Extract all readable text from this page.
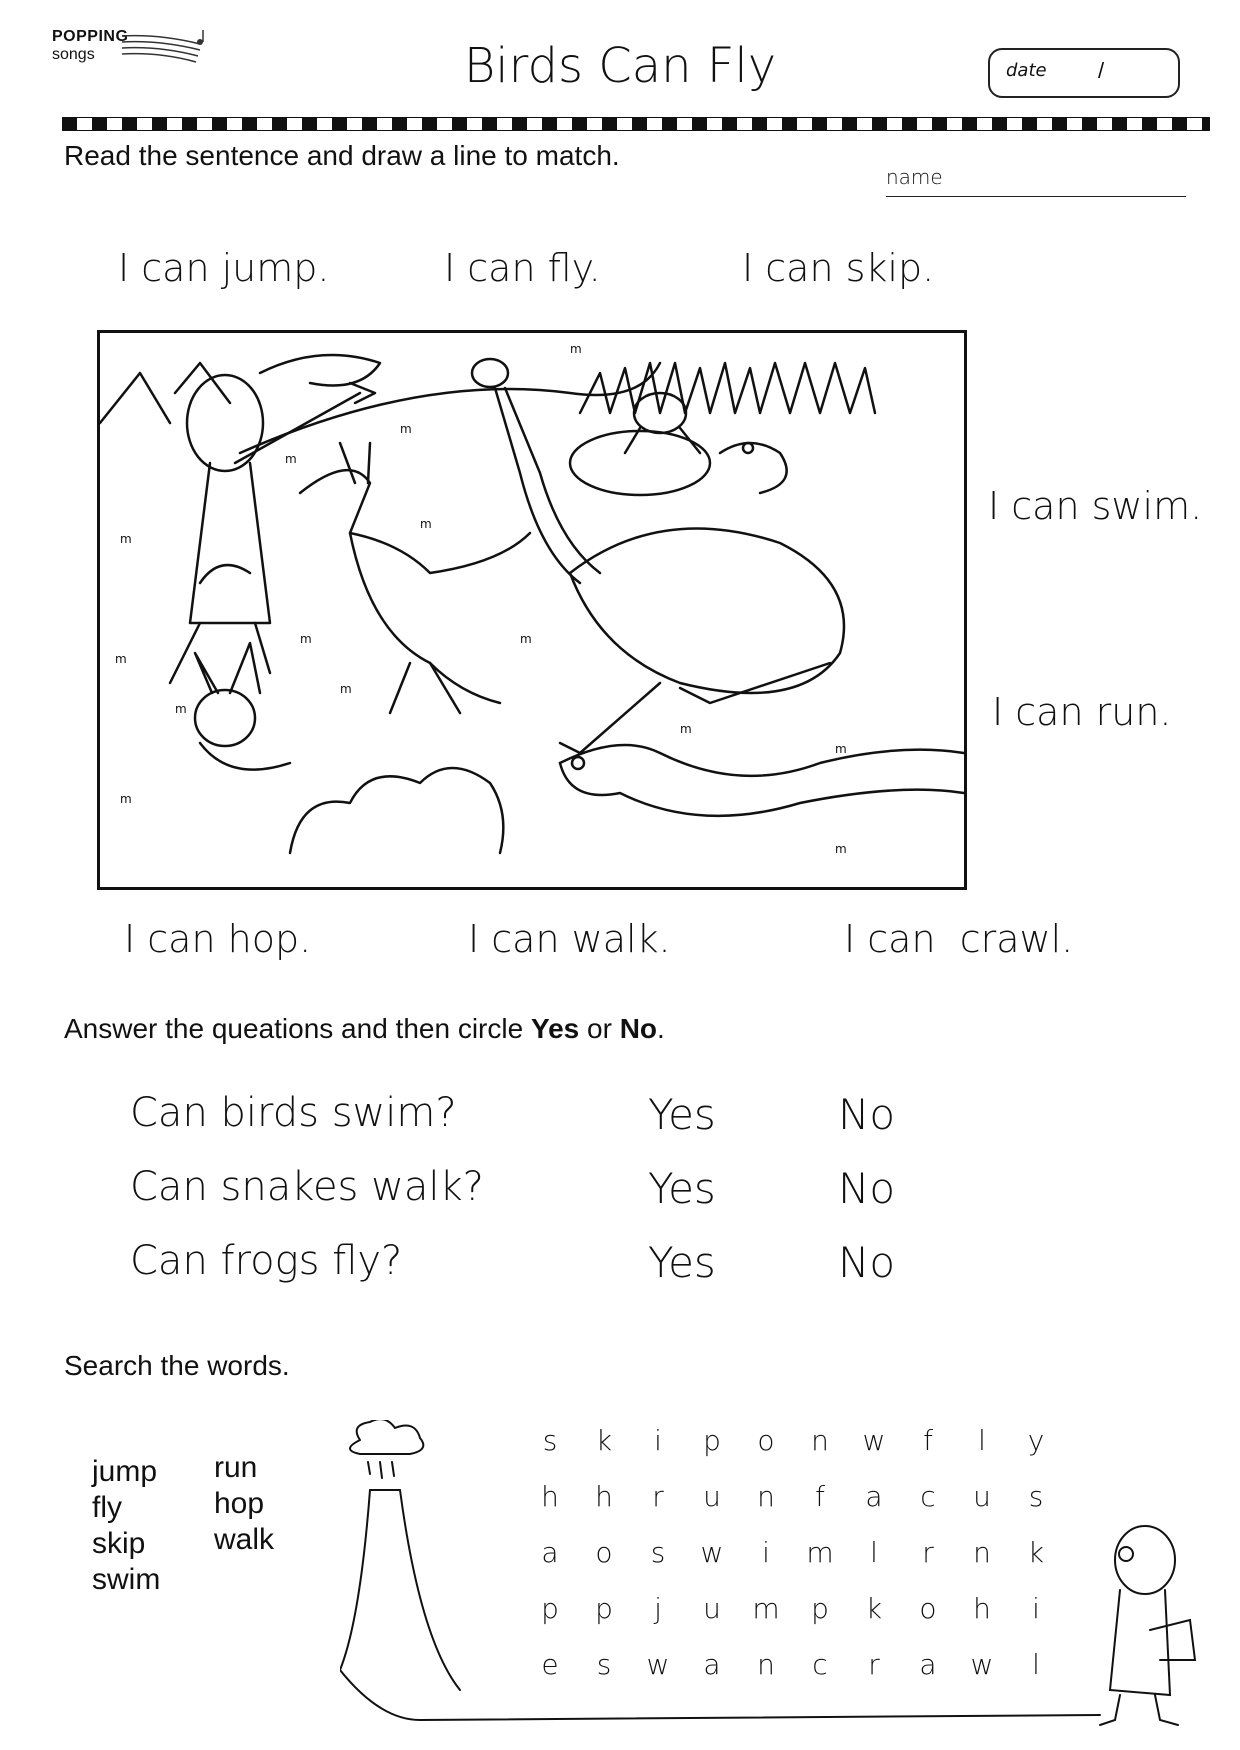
POPPING
songs	Birds Can Fly	date /
Read the sentence and draw a line to match.
name
I can jump.	I can fly.	I can skip.
m
m
m
m
m
m
m
m
m
m
m
m
m
m
I can swim.
I can run.
I can hop.	I can walk.	I can  crawl.
Answer the queations and then circle Yes or No.
Can birds swim?	Yes	No
Can snakes walk?	Yes	No
Can frogs fly?	Yes	No
Search the words.
jump
fly
skip
swim
run
hop
walk
s	k	i	p	o	n	w	f	l	y
h	h	r	u	n	f	a	c	u	s
a	o	s	w	i	m	l	r	n	k
p	p	j	u	m	p	k	o	h	i
e	s	w	a	n	c	r	a	w	l
